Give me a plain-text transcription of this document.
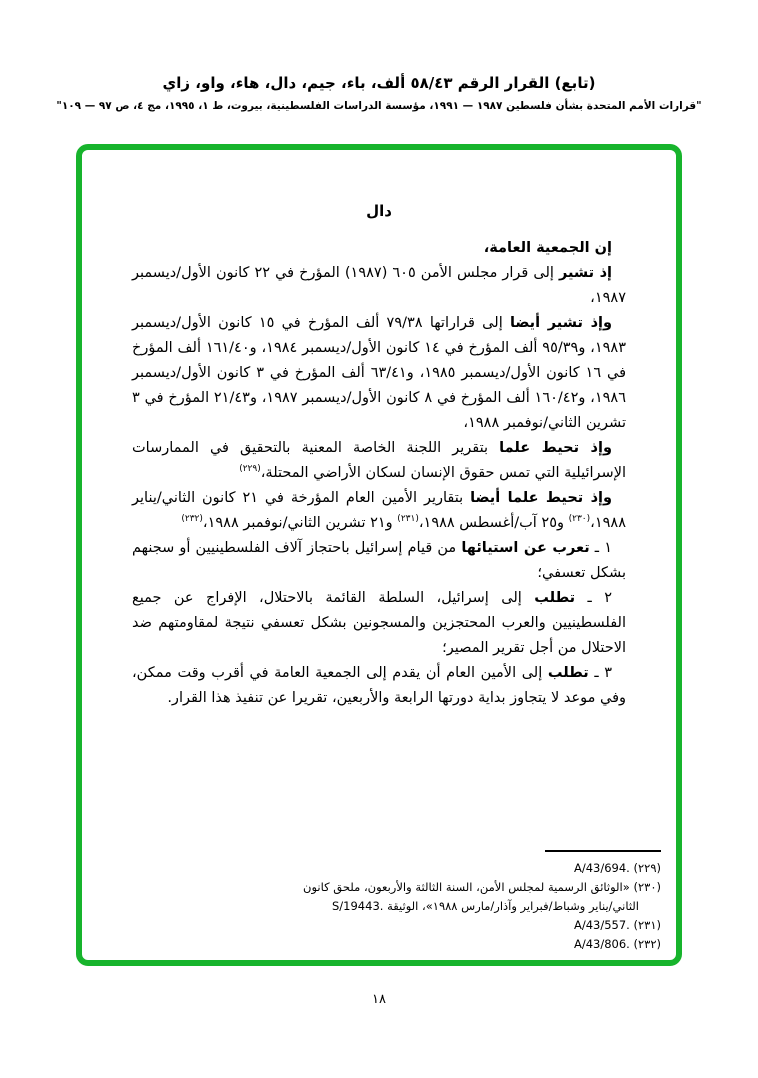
(تابع) القرار الرقم ٥٨/٤٣ ألف، باء، جيم، دال، هاء، واو، زاي
"قرارات الأمم المتحدة بشأن فلسطين ١٩٨٧ — ١٩٩١، مؤسسة الدراسات الفلسطينية، بيروت، ط ١، ١٩٩٥، مج ٤، ص ٩٧ — ١٠٩"
دال

إن الجمعية العامة،

إذ تشير إلى قرار مجلس الأمن ٦٠٥ (١٩٨٧) المؤرخ في ٢٢ كانون الأول/ديسمبر ١٩٨٧،

وإذ تشير أيضا إلى قراراتها ٧٩/٣٨ ألف المؤرخ في ١٥ كانون الأول/ديسمبر ١٩٨٣، و٩٥/٣٩ ألف المؤرخ في ١٤ كانون الأول/ديسمبر ١٩٨٤، و١٦١/٤٠ ألف المؤرخ في ١٦ كانون الأول/ديسمبر ١٩٨٥، و٦٣/٤١ ألف المؤرخ في ٣ كانون الأول/ديسمبر ١٩٨٦، و١٦٠/٤٢ ألف المؤرخ في ٨ كانون الأول/ديسمبر ١٩٨٧، و٢١/٤٣ المؤرخ في ٣ تشرين الثاني/نوفمبر ١٩٨٨،

وإذ تحيط علما بتقرير اللجنة الخاصة المعنية بالتحقيق في الممارسات الإسرائيلية التي تمس حقوق الإنسان لسكان الأراضي المحتلة،$^{(٢٢٩)}$

وإذ تحيط علما أيضا بتقارير الأمين العام المؤرخة في ٢١ كانون الثاني/يناير ١٩٨٨،$^{(٢٣٠)}$ و٢٥ آب/أغسطس ١٩٨٨،$^{(٢٣١)}$ و٢١ تشرين الثاني/نوفمبر ١٩٨٨،$^{(٢٣٢)}$

١ ـ تعرب عن استيائها من قيام إسرائيل باحتجاز آلاف الفلسطينيين أو سجنهم بشكل تعسفي؛

٢ ـ تطلب إلى إسرائيل، السلطة القائمة بالاحتلال، الإفراج عن جميع الفلسطينيين والعرب المحتجزين والمسجونين بشكل تعسفي نتيجة لمقاومتهم ضد الاحتلال من أجل تقرير المصير؛

٣ ـ تطلب إلى الأمين العام أن يقدم إلى الجمعية العامة في أقرب وقت ممكن، وفي موعد لا يتجاوز بداية دورتها الرابعة والأربعين، تقريرا عن تنفيذ هذا القرار.

(٢٢٩) A/43/694.
(٢٣٠) «الوثائق الرسمية لمجلس الأمن، السنة الثالثة والأربعون، ملحق كانون الثاني/يناير وشباط/فبراير وآذار/مارس ١٩٨٨»، الوثيقة S/19443.
(٢٣١) A/43/557.
(٢٣٢) A/43/806.
١٨
